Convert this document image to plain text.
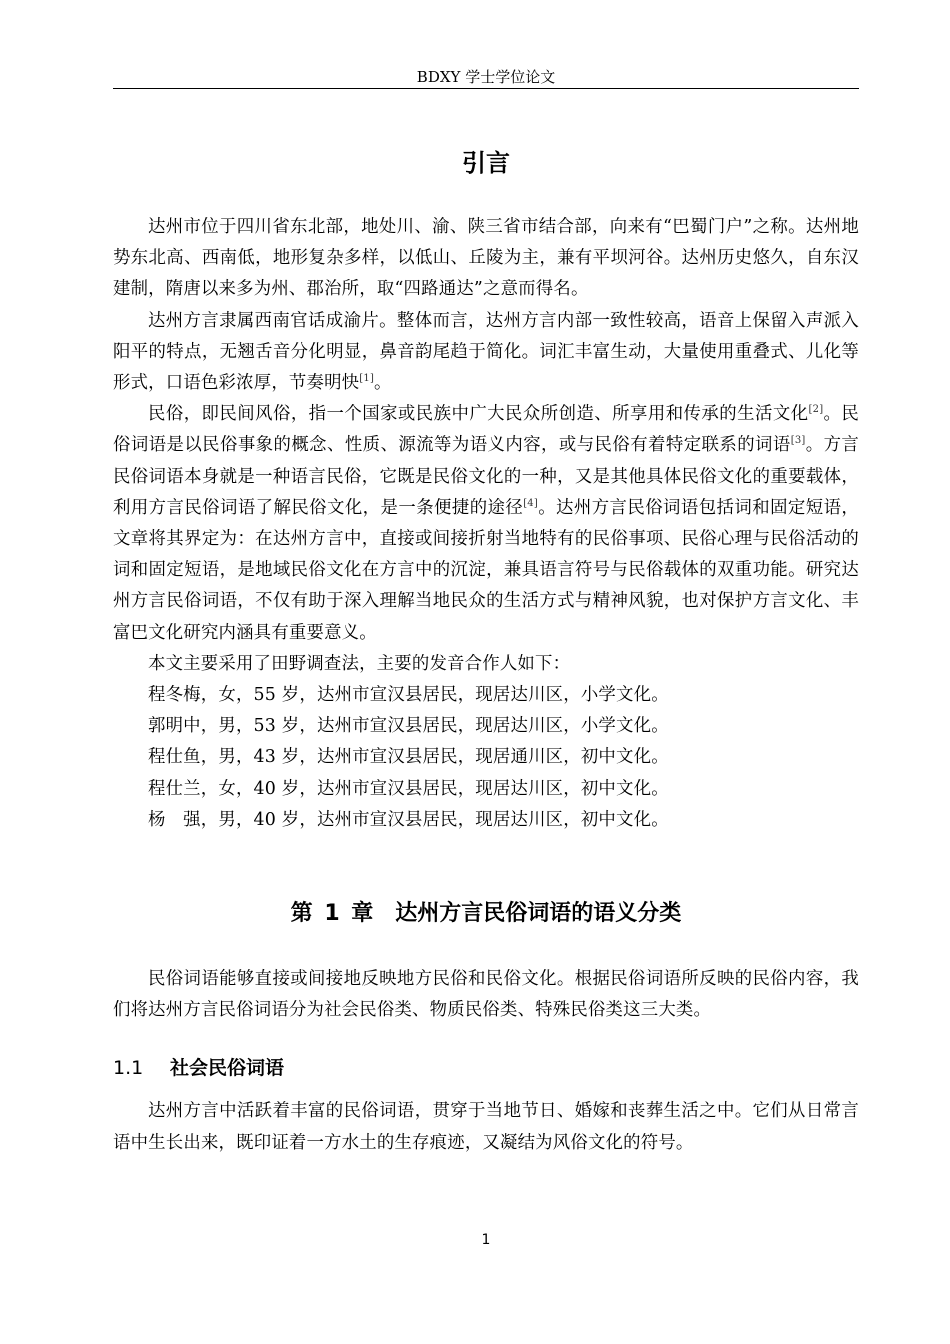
BDXY 学士学位论文
引言

达州市位于四川省东北部，地处川、渝、陕三省市结合部，向来有“巴蜀门户”之称。达州地势东北高、西南低，地形复杂多样，以低山、丘陵为主，兼有平坝河谷。达州历史悠久，自东汉建制，隋唐以来多为州、郡治所，取“四路通达”之意而得名。

达州方言隶属西南官话成渝片。整体而言，达州方言内部一致性较高，语音上保留入声派入阳平的特点，无翘舌音分化明显，鼻音韵尾趋于简化。词汇丰富生动，大量使用重叠式、儿化等形式，口语色彩浓厚，节奏明快[1]。

民俗，即民间风俗，指一个国家或民族中广大民众所创造、所享用和传承的生活文化[2]。民俗词语是以民俗事象的概念、性质、源流等为语义内容，或与民俗有着特定联系的词语[3]。方言民俗词语本身就是一种语言民俗，它既是民俗文化的一种，又是其他具体民俗文化的重要载体，利用方言民俗词语了解民俗文化，是一条便捷的途径[4]。达州方言民俗词语包括词和固定短语，文章将其界定为：在达州方言中，直接或间接折射当地特有的民俗事项、民俗心理与民俗活动的词和固定短语，是地域民俗文化在方言中的沉淀，兼具语言符号与民俗载体的双重功能。研究达州方言民俗词语，不仅有助于深入理解当地民众的生活方式与精神风貌，也对保护方言文化、丰富巴文化研究内涵具有重要意义。

本文主要采用了田野调查法，主要的发音合作人如下：

程冬梅，女，55 岁，达州市宣汉县居民，现居达川区，小学文化。
郭明中，男，53 岁，达州市宣汉县居民，现居达川区，小学文化。
程仕鱼，男，43 岁，达州市宣汉县居民，现居通川区，初中文化。
程仕兰，女，40 岁，达州市宣汉县居民，现居达川区，初中文化。
杨　强，男，40 岁，达州市宣汉县居民，现居达川区，初中文化。
第 1 章　达州方言民俗词语的语义分类

民俗词语能够直接或间接地反映地方民俗和民俗文化。根据民俗词语所反映的民俗内容，我们将达州方言民俗词语分为社会民俗类、物质民俗类、特殊民俗类这三大类。

1.1 社会民俗词语

达州方言中活跃着丰富的民俗词语，贯穿于当地节日、婚嫁和丧葬生活之中。它们从日常言语中生长出来，既印证着一方水土的生存痕迹，又凝结为风俗文化的符号。

1
